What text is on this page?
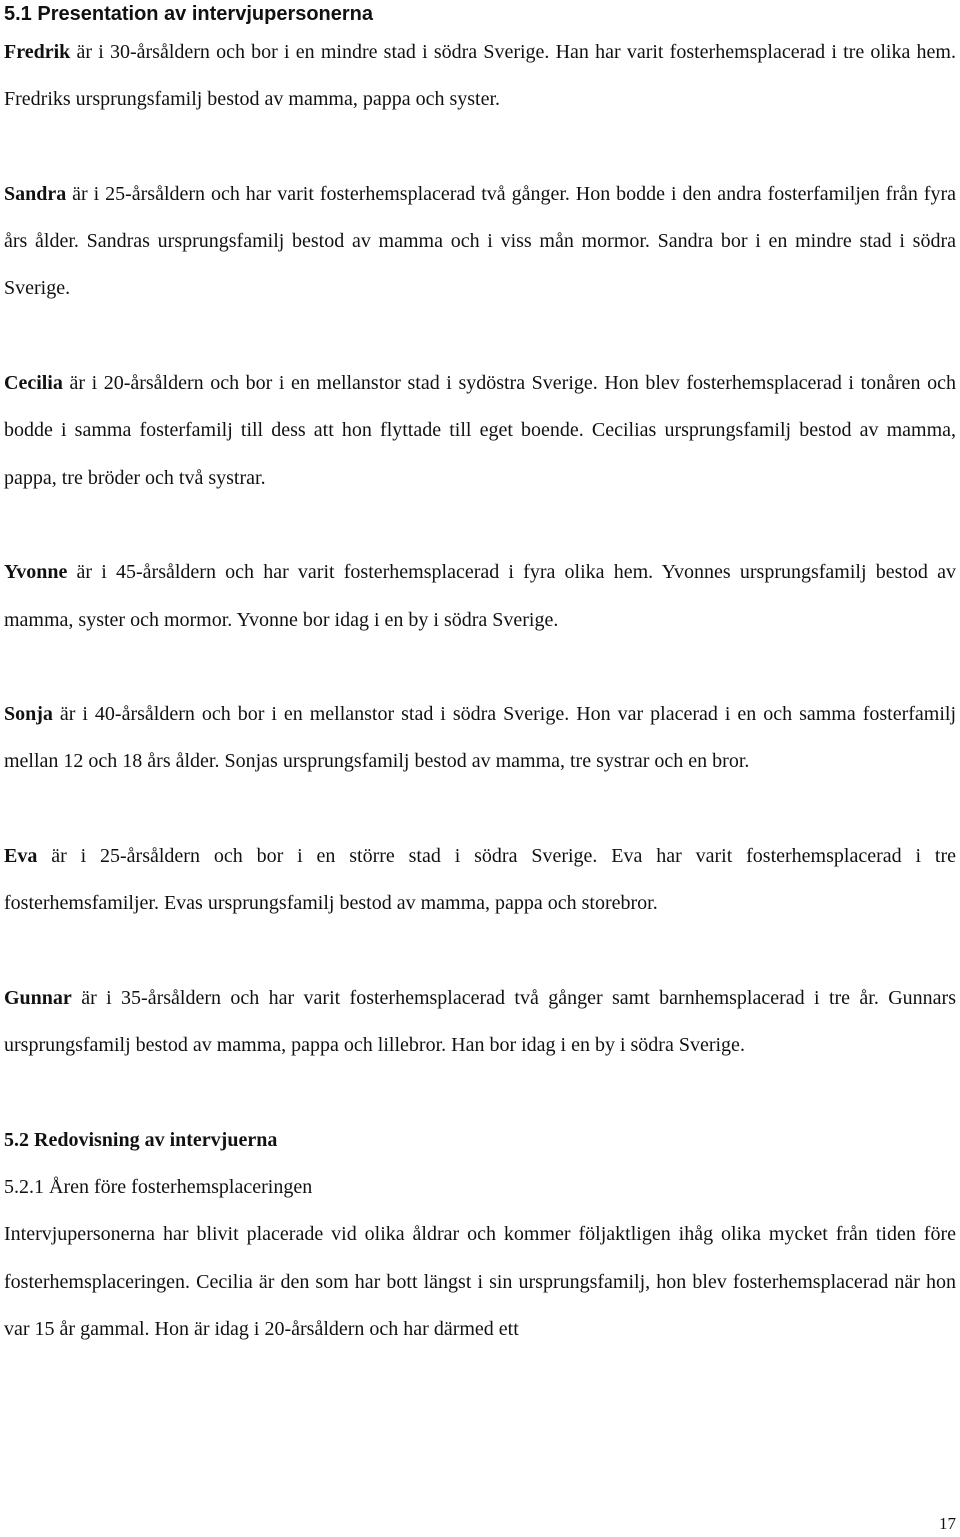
5.1 Presentation av intervjupersonerna

Fredrik är i 30-årsåldern och bor i en mindre stad i södra Sverige. Han har varit fosterhemsplacerad i tre olika hem. Fredriks ursprungsfamilj bestod av mamma, pappa och syster.

Sandra är i 25-årsåldern och har varit fosterhemsplacerad två gånger. Hon bodde i den andra fosterfamiljen från fyra års ålder. Sandras ursprungsfamilj bestod av mamma och i viss mån mormor. Sandra bor i en mindre stad i södra Sverige.

Cecilia är i 20-årsåldern och bor i en mellanstor stad i sydöstra Sverige. Hon blev fosterhemsplacerad i tonåren och bodde i samma fosterfamilj till dess att hon flyttade till eget boende. Cecilias ursprungsfamilj bestod av mamma, pappa, tre bröder och två systrar.

Yvonne är i 45-årsåldern och har varit fosterhemsplacerad i fyra olika hem. Yvonnes ursprungsfamilj bestod av mamma, syster och mormor. Yvonne bor idag i en by i södra Sverige.

Sonja är i 40-årsåldern och bor i en mellanstor stad i södra Sverige. Hon var placerad i en och samma fosterfamilj mellan 12 och 18 års ålder. Sonjas ursprungsfamilj bestod av mamma, tre systrar och en bror.

Eva är i 25-årsåldern och bor i en större stad i södra Sverige. Eva har varit fosterhemsplacerad i tre fosterhemsfamiljer. Evas ursprungsfamilj bestod av mamma, pappa och storebror.

Gunnar är i 35-årsåldern och har varit fosterhemsplacerad två gånger samt barnhemsplacerad i tre år. Gunnars ursprungsfamilj bestod av mamma, pappa och lillebror. Han bor idag i en by i södra Sverige.

5.2 Redovisning av intervjuerna
5.2.1 Åren före fosterhemsplaceringen

Intervjupersonerna har blivit placerade vid olika åldrar och kommer följaktligen ihåg olika mycket från tiden före fosterhemsplaceringen. Cecilia är den som har bott längst i sin ursprungsfamilj, hon blev fosterhemsplacerad när hon var 15 år gammal. Hon är idag i 20-årsåldern och har därmed ett

17
